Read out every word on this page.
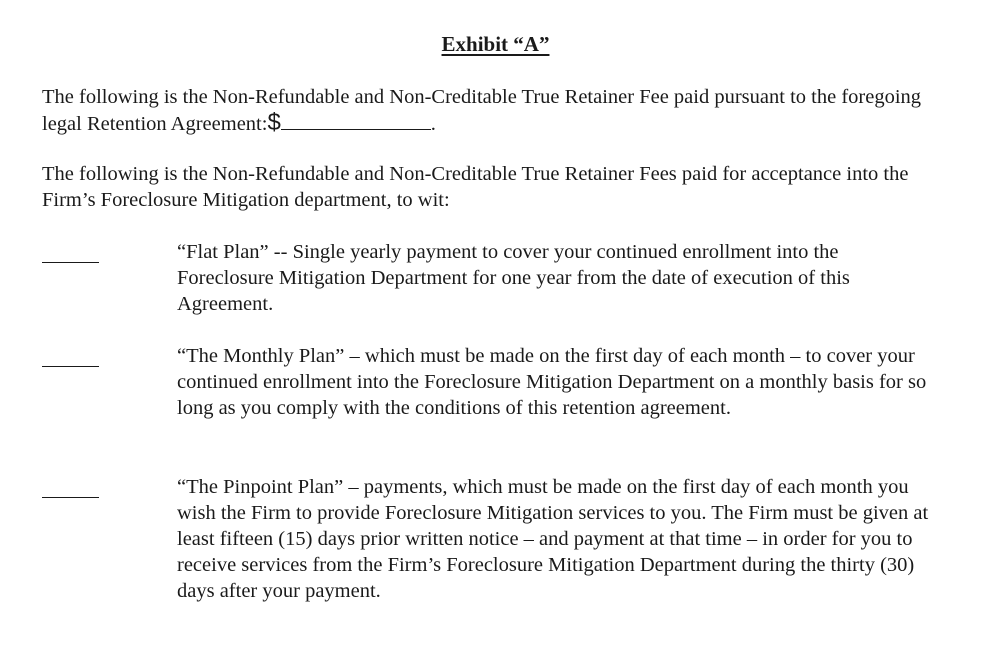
Exhibit “A”

The following is the Non-Refundable and Non-Creditable True Retainer Fee paid pursuant to the foregoing legal Retention Agreement:$	.

The following is the Non-Refundable and Non-Creditable True Retainer Fees paid for acceptance into the Firm’s Foreclosure Mitigation department, to wit:

“Flat Plan” -- Single yearly payment to cover your continued enrollment into the Foreclosure Mitigation Department for one year from the date of execution of this Agreement.

“The Monthly Plan” – which must be made on the first day of each month – to cover your continued enrollment into the Foreclosure Mitigation Department on a monthly basis for so long as you comply with the conditions of this retention agreement.

“The Pinpoint Plan” – payments, which must be made on the first day of each month you wish the Firm to provide Foreclosure Mitigation services to you. The Firm must be given at least fifteen (15) days prior written notice – and payment at that time – in order for you to receive services from the Firm’s Foreclosure Mitigation Department during the thirty (30) days after your payment.
